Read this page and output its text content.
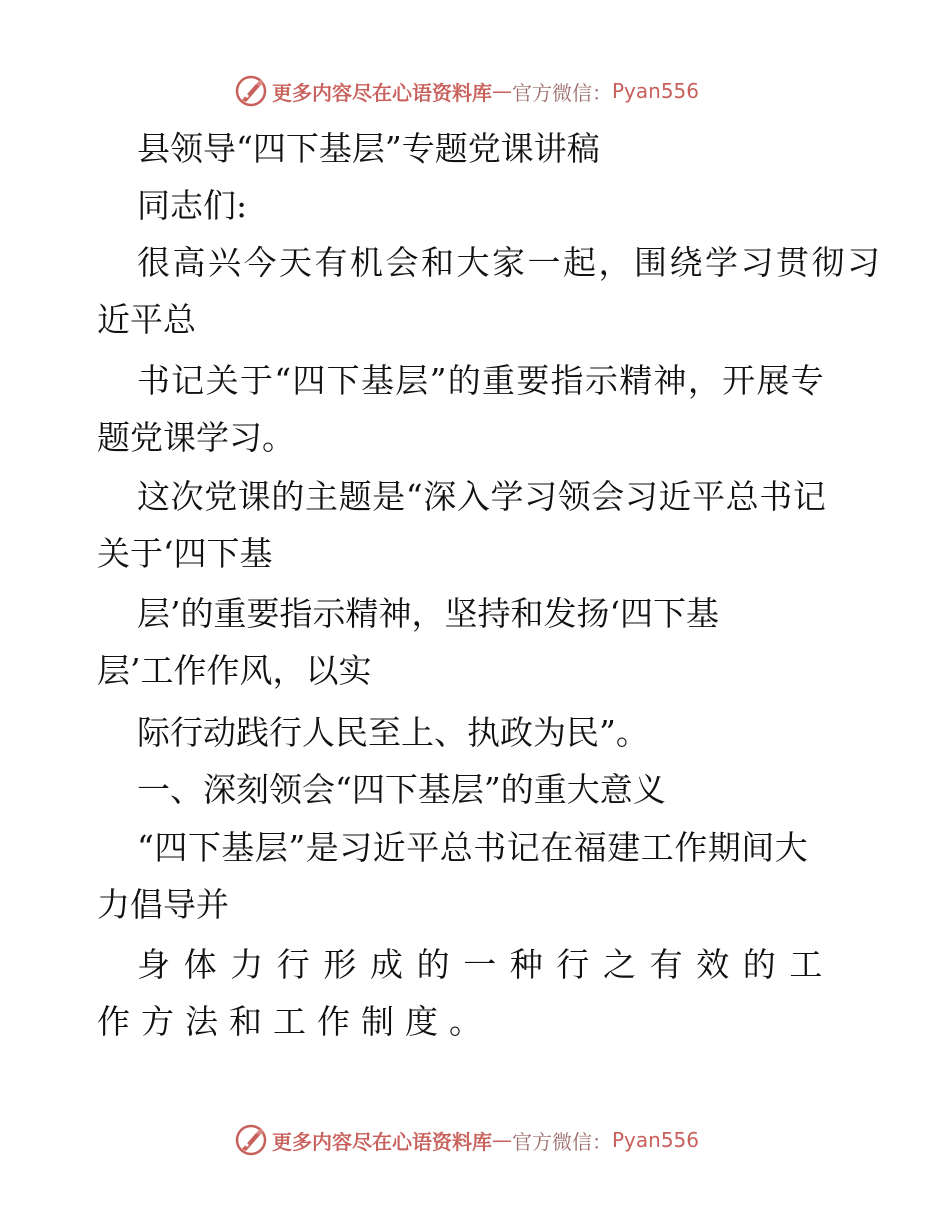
更多内容尽在心语资料库 — 官方微信： Pyan556
县领导“四下基层”专题党课讲稿
同志们:
很高兴今天有机会和大家一起，围绕学习贯彻习
近平总
书记关于“四下基层”的重要指示精神，开展专
题党课学习。
这次党课的主题是“深入学习领会习近平总书记
关于‘四下基
层’的重要指示精神，坚持和发扬‘四下基
层’工作作风，以实
际行动践行人民至上、执政为民”。
一、深刻领会“四下基层”的重大意义
“四下基层”是习近平总书记在福建工作期间大
力倡导并
身体力行形成的一种行之有效的工
作方法和工作制度。
更多内容尽在心语资料库 — 官方微信： Pyan556
